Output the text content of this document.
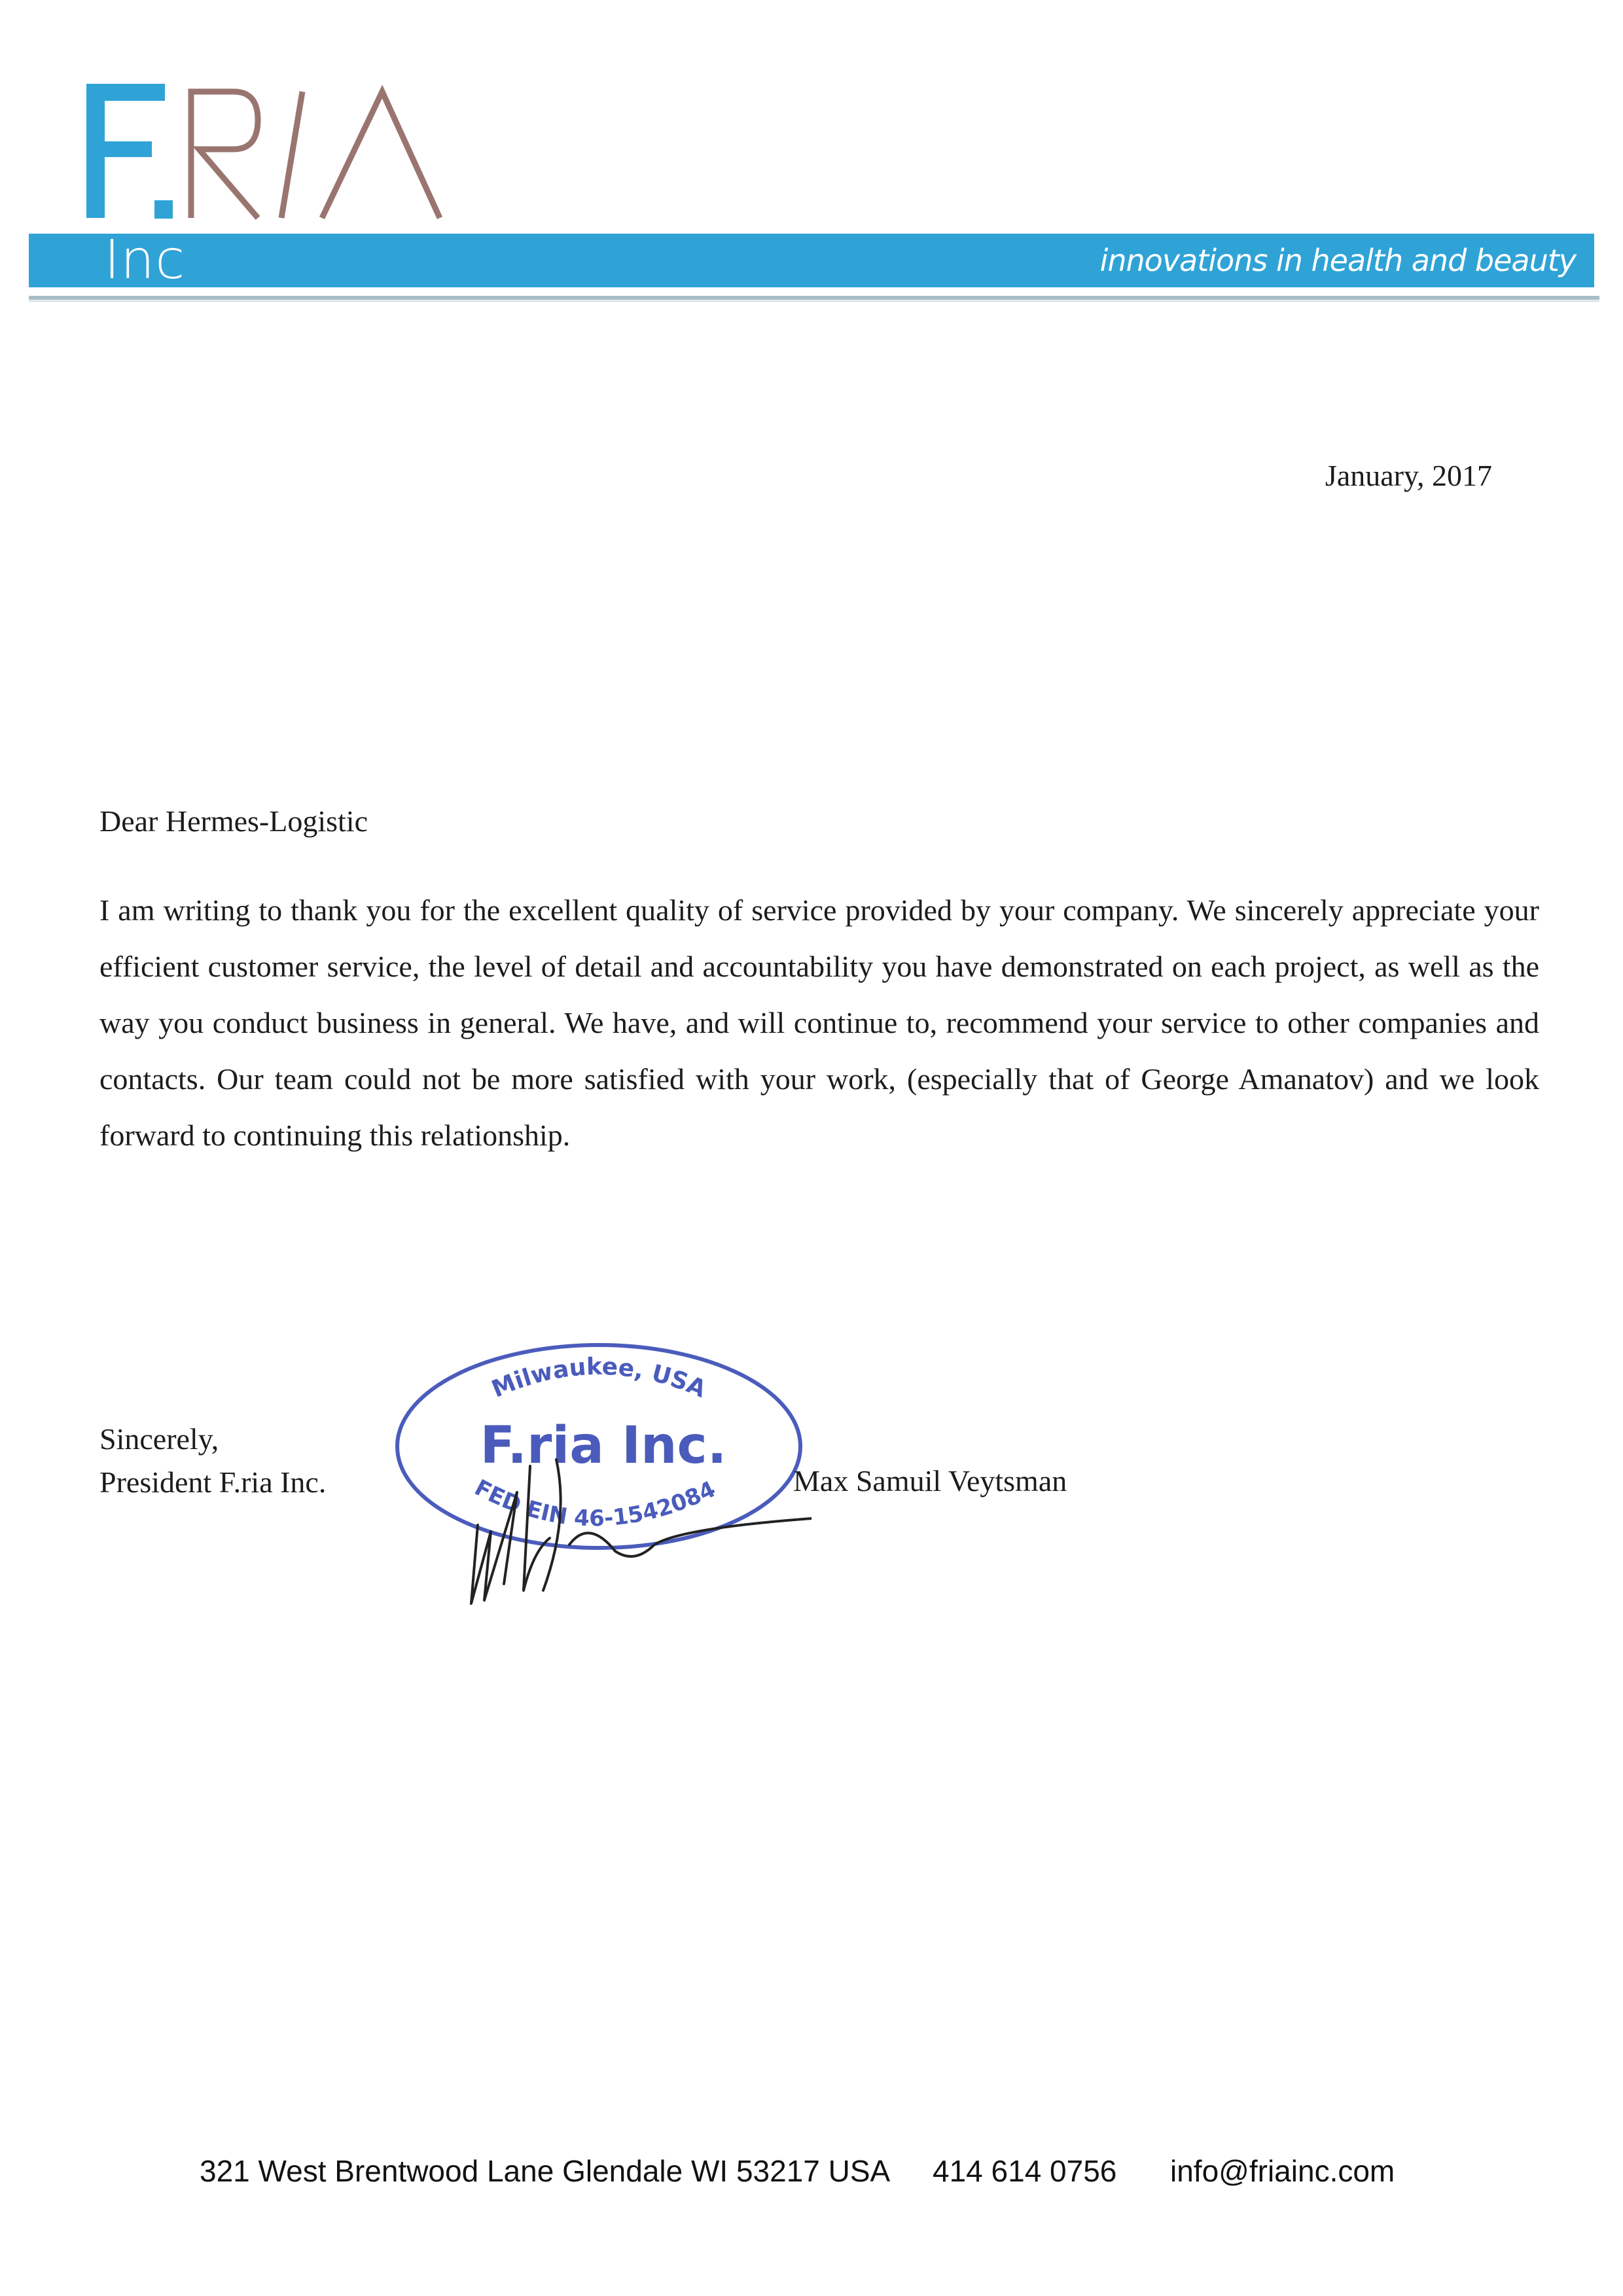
Inc	innovations in health and beauty
January, 2017
Dear Hermes-Logistic

I am writing to thank you for the excellent quality of service provided by your company. We sincerely appreciate your efficient customer service, the level of detail and accountability you have demonstrated on each project, as well as the way you conduct business in general. We have, and will continue to, recommend your service to other companies and contacts. Our team could not be more satisfied with your work, (especially that of George Amanatov) and we look forward to continuing this relationship.

Sincerely,
President F.ria Inc.
Milwaukee, USA
F.ria Inc.
FED EIN 46-1542084 Max Samuil Veytsman
321 West Brentwood Lane Glendale WI 53217 USA 414 614 0756 info@friainc.com
